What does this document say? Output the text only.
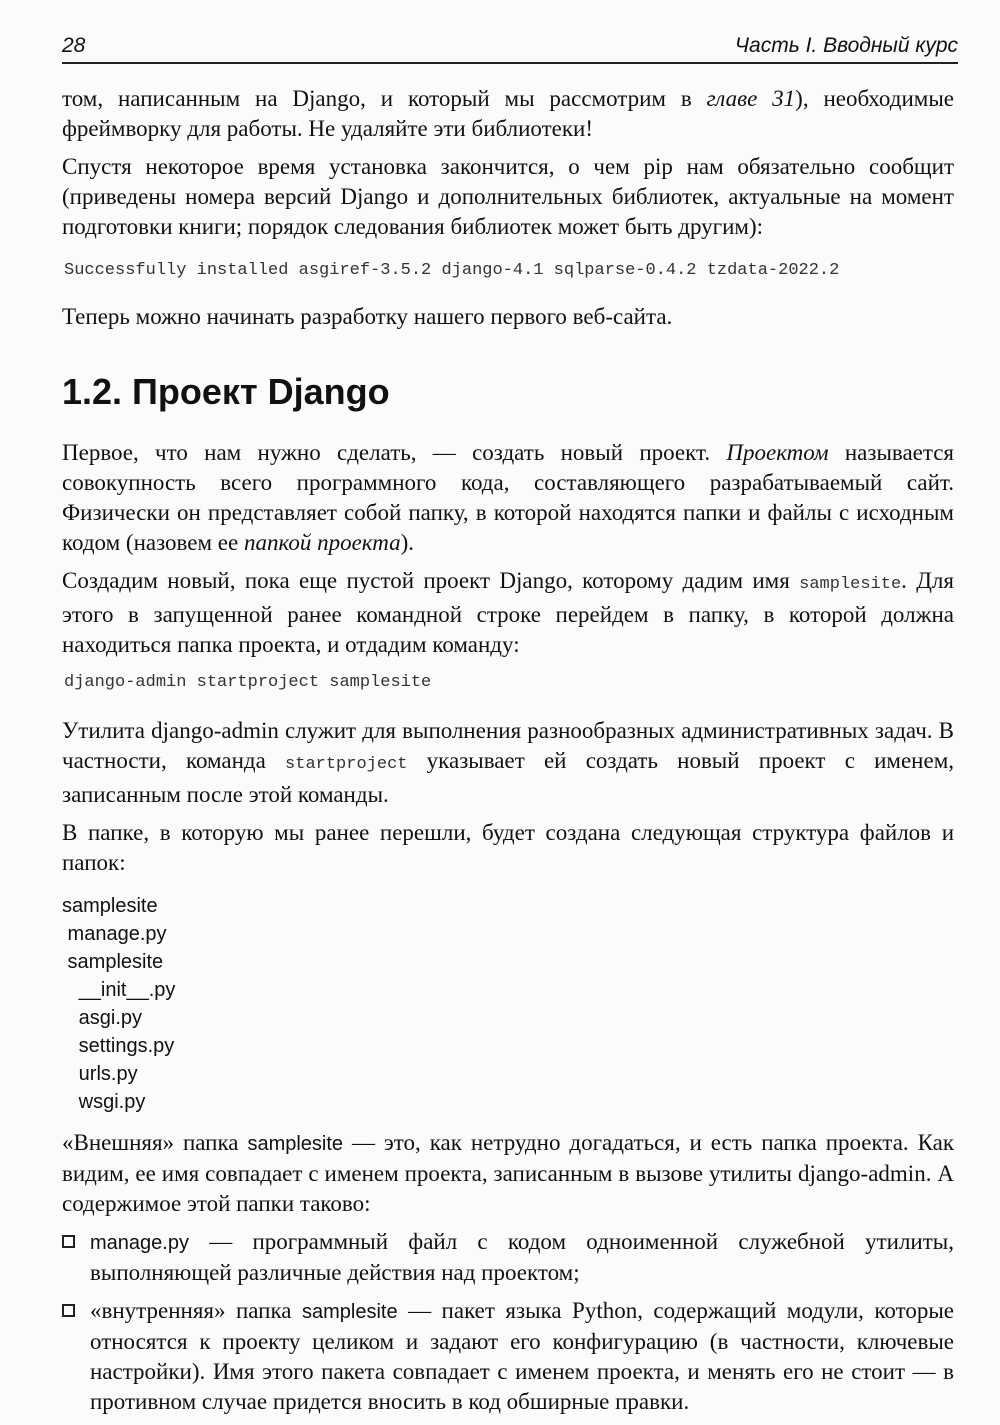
28	Часть I. Вводный курс

том, написанным на Django, и который мы рассмотрим в главе 31), необходимые фреймворку для работы. Не удаляйте эти библиотеки!

Спустя некоторое время установка закончится, о чем pip нам обязательно сообщит (приведены номера версий Django и дополнительных библиотек, актуальные на момент подготовки книги; порядок следования библиотек может быть другим):

Successfully installed asgiref-3.5.2 django-4.1 sqlparse-0.4.2 tzdata-2022.2

Теперь можно начинать разработку нашего первого веб-сайта.

1.2. Проект Django

Первое, что нам нужно сделать, — создать новый проект. Проектом называется совокупность всего программного кода, составляющего разрабатываемый сайт. Физически он представляет собой папку, в которой находятся папки и файлы с исходным кодом (назовем ее папкой проекта).

Создадим новый, пока еще пустой проект Django, которому дадим имя samplesite. Для этого в запущенной ранее командной строке перейдем в папку, в которой должна находиться папка проекта, и отдадим команду:

django-admin startproject samplesite

Утилита django-admin служит для выполнения разнообразных административных задач. В частности, команда startproject указывает ей создать новый проект с именем, записанным после этой команды.

В папке, в которую мы ранее перешли, будет создана следующая структура файлов и папок:

samplesite
manage.py
samplesite
__init__.py
asgi.py
settings.py
urls.py
wsgi.py

«Внешняя» папка samplesite — это, как нетрудно догадаться, и есть папка проекта. Как видим, ее имя совпадает с именем проекта, записанным в вызове утилиты django-admin. А содержимое этой папки таково:

manage.py — программный файл с кодом одноименной служебной утилиты, выполняющей различные действия над проектом;
«внутренняя» папка samplesite — пакет языка Python, содержащий модули, которые относятся к проекту целиком и задают его конфигурацию (в частности, ключевые настройки). Имя этого пакета совпадает с именем проекта, и менять его не стоит — в противном случае придется вносить в код обширные правки.
